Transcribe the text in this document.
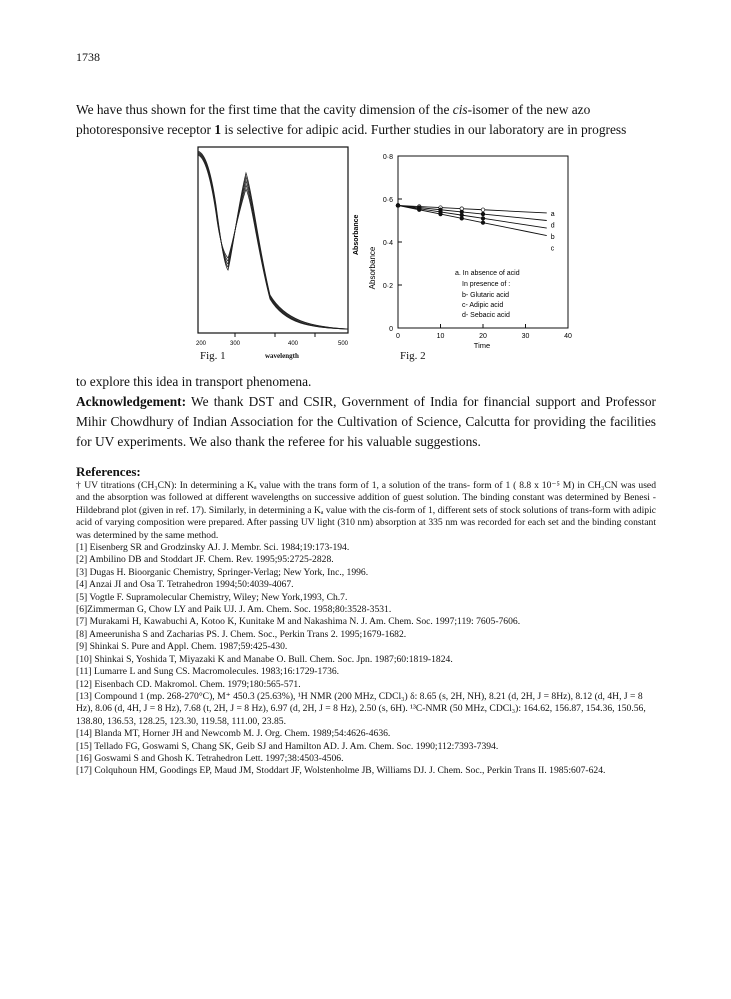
1738

We have thus shown for the first time that the cavity dimension of the cis-isomer of the new azo photoresponsive receptor 1 is selective for adipic acid. Further studies in our laboratory are in progress

200	300	400	500
Absorbance
Fig. 1	wavelength
0
0·2
0·4
0·6
0·8
0	10	20	30	40
a
d
b
c
Absorbance
Time
a. In absence of acid
In presence of :
b- Glutaric acid
c- Adipic acid
d- Sebacic acid
Fig. 2

to explore this idea in transport phenomena.

Acknowledgement: We thank DST and CSIR, Government of India for financial support and Professor Mihir Chowdhury of Indian Association for the Cultivation of Science, Calcutta for providing the facilities for UV experiments. We also thank the referee for his valuable suggestions.

References:

† UV titrations (CH₃CN): In determining a Kₐ value with the trans form of 1, a solution of the trans- form of 1 ( 8.8 x 10⁻⁵ M) in CH₃CN was used and the absorption was followed at different wavelengths on successive addition of guest solution. The binding constant was determined by Benesi - Hildebrand plot (given in ref. 17). Similarly, in determining a Kₐ value with the cis-form of 1, different sets of stock solutions of trans-form with adipic acid of varying composition were prepared. After passing UV light (310 nm) absorption at 335 nm was recorded for each set and the binding constant was determined by the same method.

[1] Eisenberg SR and Grodzinsky AJ. J. Membr. Sci. 1984;19:173-194.

[2] Ambilino DB and Stoddart JF. Chem. Rev. 1995;95:2725-2828.

[3] Dugas H. Bioorganic Chemistry, Springer-Verlag; New York, Inc., 1996.

[4] Anzai JI and Osa T. Tetrahedron 1994;50:4039-4067.

[5] Vogtle F. Supramolecular Chemistry, Wiley; New York,1993, Ch.7.

[6]Zimmerman G, Chow LY and Paik UJ. J. Am. Chem. Soc. 1958;80:3528-3531.

[7] Murakami H, Kawabuchi A, Kotoo K, Kunitake M and Nakashima N. J. Am. Chem. Soc. 1997;119: 7605-7606.

[8] Ameerunisha S and Zacharias PS. J. Chem. Soc., Perkin Trans 2. 1995;1679-1682.

[9] Shinkai S. Pure and Appl. Chem. 1987;59:425-430.

[10] Shinkai S, Yoshida T, Miyazaki K and Manabe O. Bull. Chem. Soc. Jpn. 1987;60:1819-1824.

[11] Lumarre L and Sung CS. Macromolecules. 1983;16:1729-1736.

[12] Eisenbach CD. Makromol. Chem. 1979;180:565-571.

[13] Compound 1 (mp. 268-270°C), M⁺ 450.3 (25.63%), ¹H NMR (200 MHz, CDCl₃) δ: 8.65 (s, 2H, NH), 8.21 (d, 2H, J = 8Hz), 8.12 (d, 4H, J = 8 Hz), 8.06 (d, 4H, J = 8 Hz), 7.68 (t, 2H, J = 8 Hz), 6.97 (d, 2H, J = 8 Hz), 2.50 (s, 6H). ¹³C-NMR (50 MHz, CDCl₃): 164.62, 156.87, 154.36, 150.56, 138.80, 136.53, 128.25, 123.30, 119.58, 111.00, 23.85.

[14] Blanda MT, Horner JH and Newcomb M. J. Org. Chem. 1989;54:4626-4636.

[15] Tellado FG, Goswami S, Chang SK, Geib SJ and Hamilton AD. J. Am. Chem. Soc. 1990;112:7393-7394.

[16] Goswami S and Ghosh K. Tetrahedron Lett. 1997;38:4503-4506.

[17] Colquhoun HM, Goodings EP, Maud JM, Stoddart JF, Wolstenholme JB, Williams DJ. J. Chem. Soc., Perkin Trans II. 1985:607-624.
